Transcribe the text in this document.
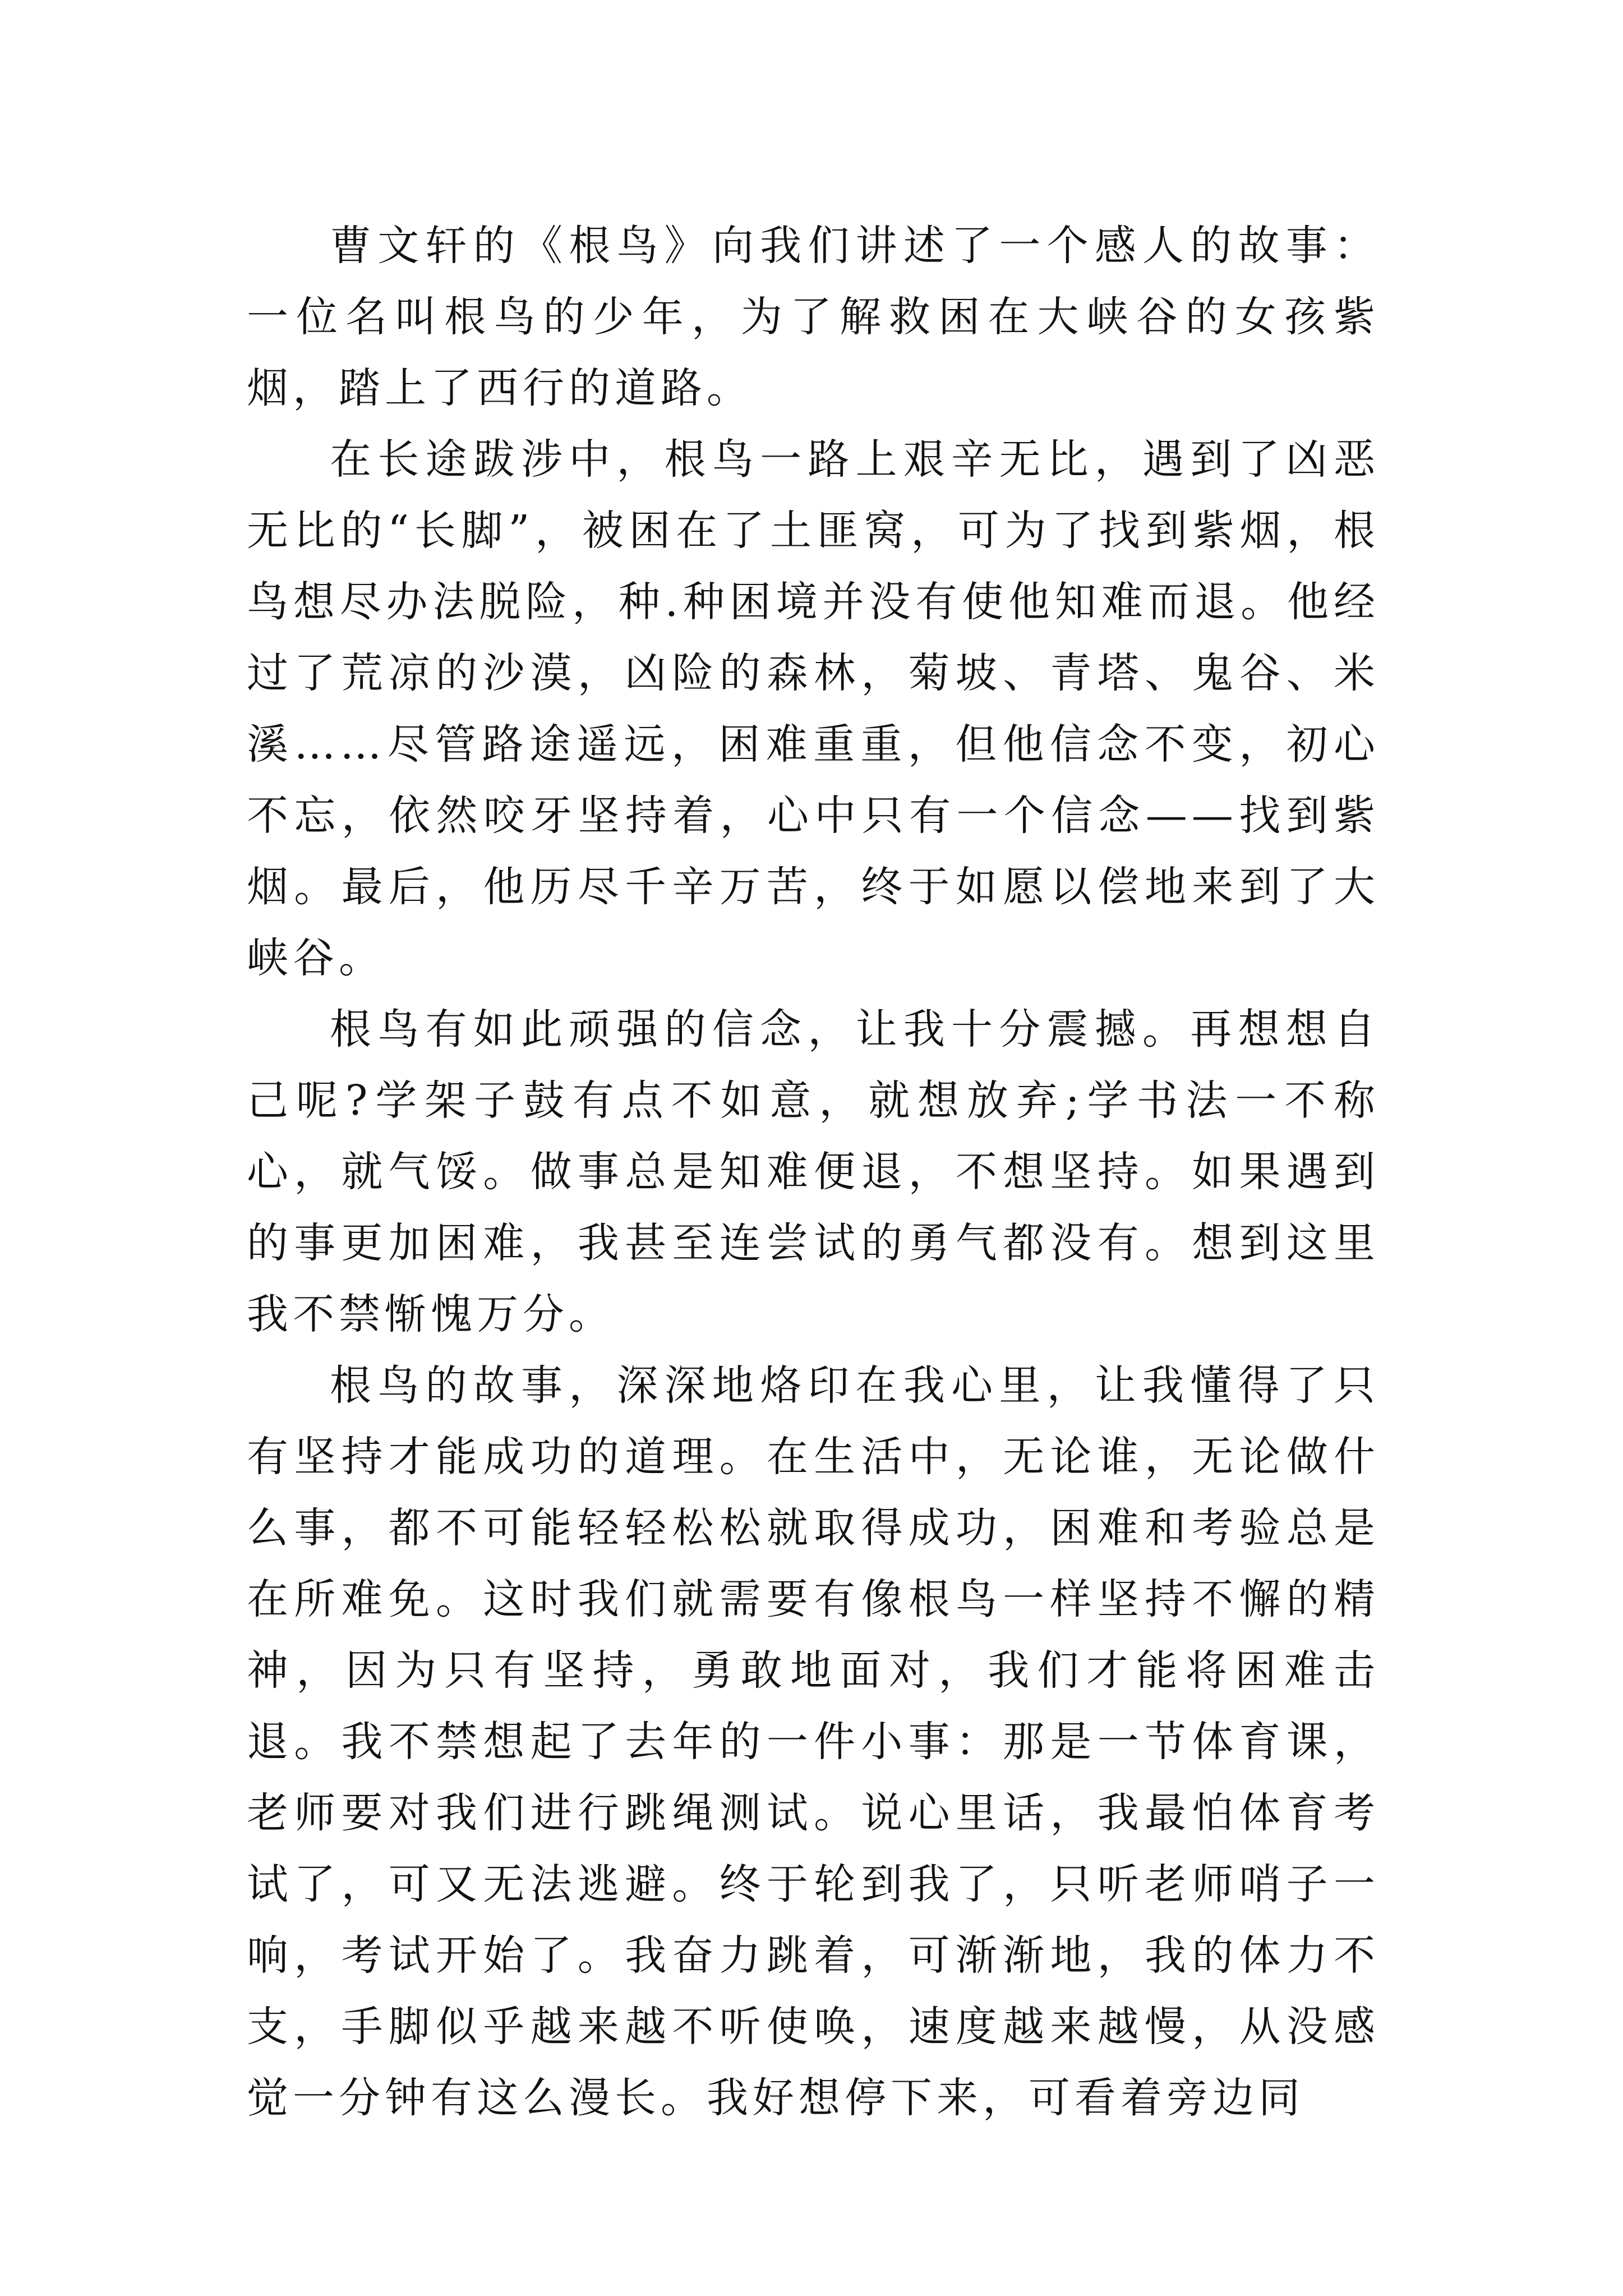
曹文轩的《根鸟》向我们讲述了一个感人的故事：一位名叫根鸟的少年，为了解救困在大峡谷的女孩紫烟，踏上了西行的道路。

在长途跋涉中，根鸟一路上艰辛无比，遇到了凶恶无比的“长脚”，被困在了土匪窝，可为了找到紫烟，根鸟想尽办法脱险，种.种困境并没有使他知难而退。他经过了荒凉的沙漠，凶险的森林，菊坡、青塔、鬼谷、米溪……尽管路途遥远，困难重重，但他信念不变，初心不忘，依然咬牙坚持着，心中只有一个信念——找到紫烟。最后，他历尽千辛万苦，终于如愿以偿地来到了大峡谷。

根鸟有如此顽强的信念，让我十分震撼。再想想自己呢?学架子鼓有点不如意，就想放弃;学书法一不称心，就气馁。做事总是知难便退，不想坚持。如果遇到的事更加困难，我甚至连尝试的勇气都没有。想到这里我不禁惭愧万分。

根鸟的故事，深深地烙印在我心里，让我懂得了只有坚持才能成功的道理。在生活中，无论谁，无论做什么事，都不可能轻轻松松就取得成功，困难和考验总是在所难免。这时我们就需要有像根鸟一样坚持不懈的精神，因为只有坚持，勇敢地面对，我们才能将困难击退。我不禁想起了去年的一件小事：那是一节体育课，老师要对我们进行跳绳测试。说心里话，我最怕体育考试了，可又无法逃避。终于轮到我了，只听老师哨子一响，考试开始了。我奋力跳着，可渐渐地，我的体力不支，手脚似乎越来越不听使唤，速度越来越慢，从没感觉一分钟有这么漫长。我好想停下来，可看着旁边同
